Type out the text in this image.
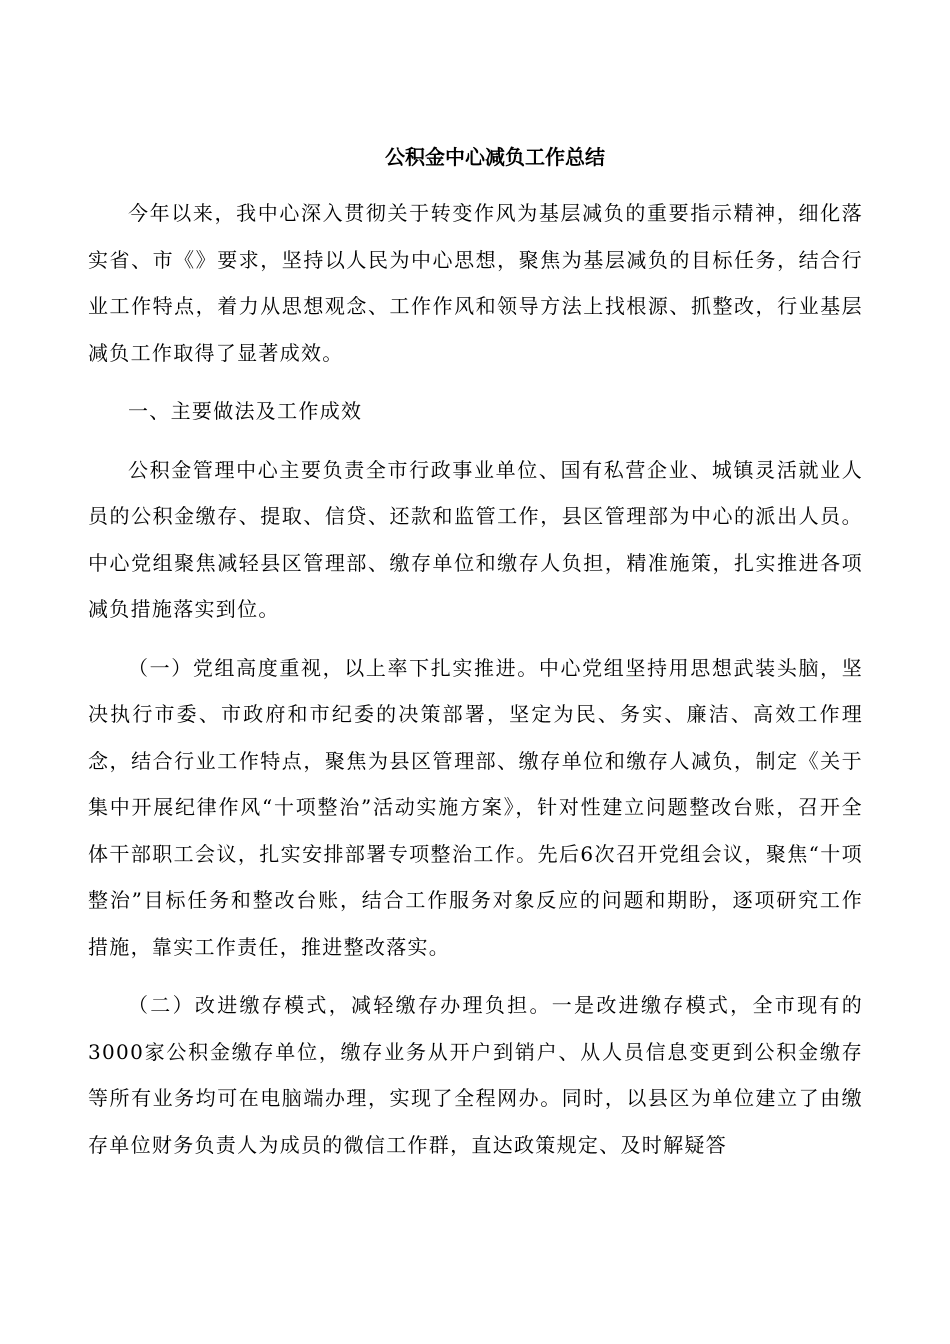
公积金中心减负工作总结

今年以来，我中心深入贯彻关于转变作风为基层减负的重要指示精神，细化落实省、市《》要求，坚持以人民为中心思想，聚焦为基层减负的目标任务，结合行业工作特点，着力从思想观念、工作作风和领导方法上找根源、抓整改，行业基层减负工作取得了显著成效。

一、主要做法及工作成效

公积金管理中心主要负责全市行政事业单位、国有私营企业、城镇灵活就业人员的公积金缴存、提取、信贷、还款和监管工作，县区管理部为中心的派出人员。中心党组聚焦减轻县区管理部、缴存单位和缴存人负担，精准施策，扎实推进各项减负措施落实到位。

（一）党组高度重视，以上率下扎实推进。中心党组坚持用思想武装头脑，坚决执行市委、市政府和市纪委的决策部署，坚定为民、务实、廉洁、高效工作理念，结合行业工作特点，聚焦为县区管理部、缴存单位和缴存人减负，制定《关于集中开展纪律作风“十项整治”活动实施方案》，针对性建立问题整改台账，召开全体干部职工会议，扎实安排部署专项整治工作。先后6次召开党组会议，聚焦“十项整治”目标任务和整改台账，结合工作服务对象反应的问题和期盼，逐项研究工作措施，靠实工作责任，推进整改落实。

（二）改进缴存模式，减轻缴存办理负担。一是改进缴存模式，全市现有的3000家公积金缴存单位，缴存业务从开户到销户、从人员信息变更到公积金缴存等所有业务均可在电脑端办理，实现了全程网办。同时，以县区为单位建立了由缴存单位财务负责人为成员的微信工作群，直达政策规定、及时解疑答
